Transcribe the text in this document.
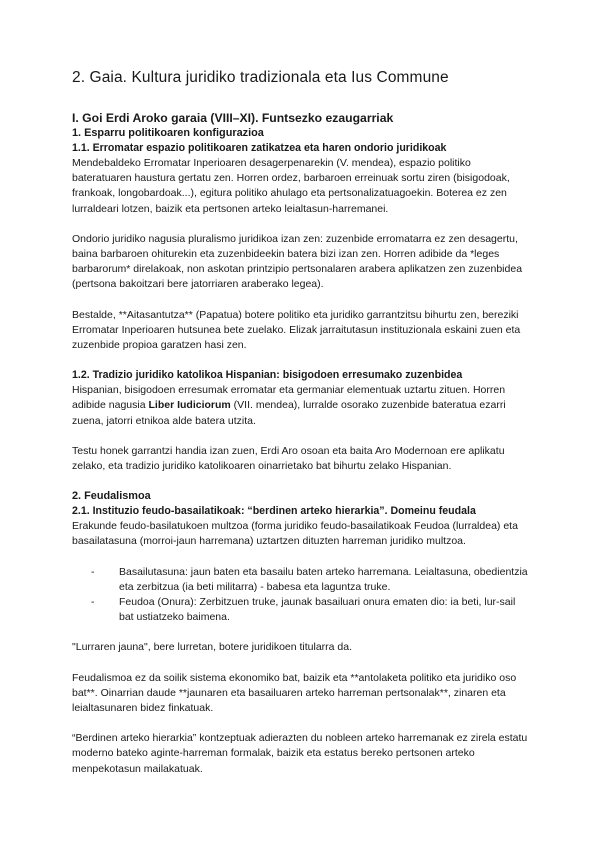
2. Gaia. Kultura juridiko tradizionala eta Ius Commune
I. Goi Erdi Aroko garaia (VIII–XI). Funtsezko ezaugarriak
1. Esparru politikoaren konfigurazioa
1.1. Erromatar espazio politikoaren zatikatzea eta haren ondorio juridikoak

Mendebaldeko Erromatar Inperioaren desagerpenarekin (V. mendea), espazio politiko bateratuaren haustura gertatu zen. Horren ordez, barbaroen erreinuak sortu ziren (bisigodoak, frankoak, longobardoak...), egitura politiko ahulago eta pertsonalizatuagoekin. Boterea ez zen lurraldeari lotzen, baizik eta pertsonen arteko leialtasun-harremanei.

Ondorio juridiko nagusia pluralismo juridikoa izan zen: zuzenbide erromatarra ez zen desagertu, baina barbaroen ohiturekin eta zuzenbideekin batera bizi izan zen. Horren adibide da *leges barbarorum* direlakoak, non askotan printzipio pertsonalaren arabera aplikatzen zen zuzenbidea (pertsona bakoitzari bere jatorriaren araberako legea).

Bestalde, **Aitasantutza** (Papatua) botere politiko eta juridiko garrantzitsu bihurtu zen, bereziki Erromatar Inperioaren hutsunea bete zuelako. Elizak jarraitutasun instituzionala eskaini zuen eta zuzenbide propioa garatzen hasi zen.

1.2. Tradizio juridiko katolikoa Hispanian: bisigodoen erresumako zuzenbidea

Hispanian, bisigodoen erresumak erromatar eta germaniar elementuak uztartu zituen. Horren adibide nagusia Liber Iudiciorum (VII. mendea), lurralde osorako zuzenbide bateratua ezarri zuena, jatorri etnikoa alde batera utzita.

Testu honek garrantzi handia izan zuen, Erdi Aro osoan eta baita Aro Modernoan ere aplikatu zelako, eta tradizio juridiko katolikoaren oinarrietako bat bihurtu zelako Hispanian.

2. Feudalismoa
2.1. Instituzio feudo-basailatikoak: “berdinen arteko hierarkia”. Domeinu feudala

Erakunde feudo-basilatukoen multzoa (forma juridiko feudo-basailatikoak Feudoa (lurraldea) eta basailatasuna (morroi-jaun harremana) uztartzen dituzten harreman juridiko multzoa.

- Basailutasuna: jaun baten eta basailu baten arteko harremana. Leialtasuna, obedientzia eta zerbitzua (ia beti militarra) - babesa eta laguntza truke.
- Feudoa (Onura): Zerbitzuen truke, jaunak basailuari onura ematen dio: ia beti, lur-sail bat ustiatzeko baimena.

"Lurraren jauna", bere lurretan, botere juridikoen titularra da.

Feudalismoa ez da soilik sistema ekonomiko bat, baizik eta **antolaketa politiko eta juridiko oso bat**. Oinarrian daude **jaunaren eta basailuaren arteko harreman pertsonalak**, zinaren eta leialtasunaren bidez finkatuak.

“Berdinen arteko hierarkia” kontzeptuak adierazten du nobleen arteko harremanak ez zirela estatu moderno bateko aginte-harreman formalak, baizik eta estatus bereko pertsonen arteko menpekotasun mailakatuak.
